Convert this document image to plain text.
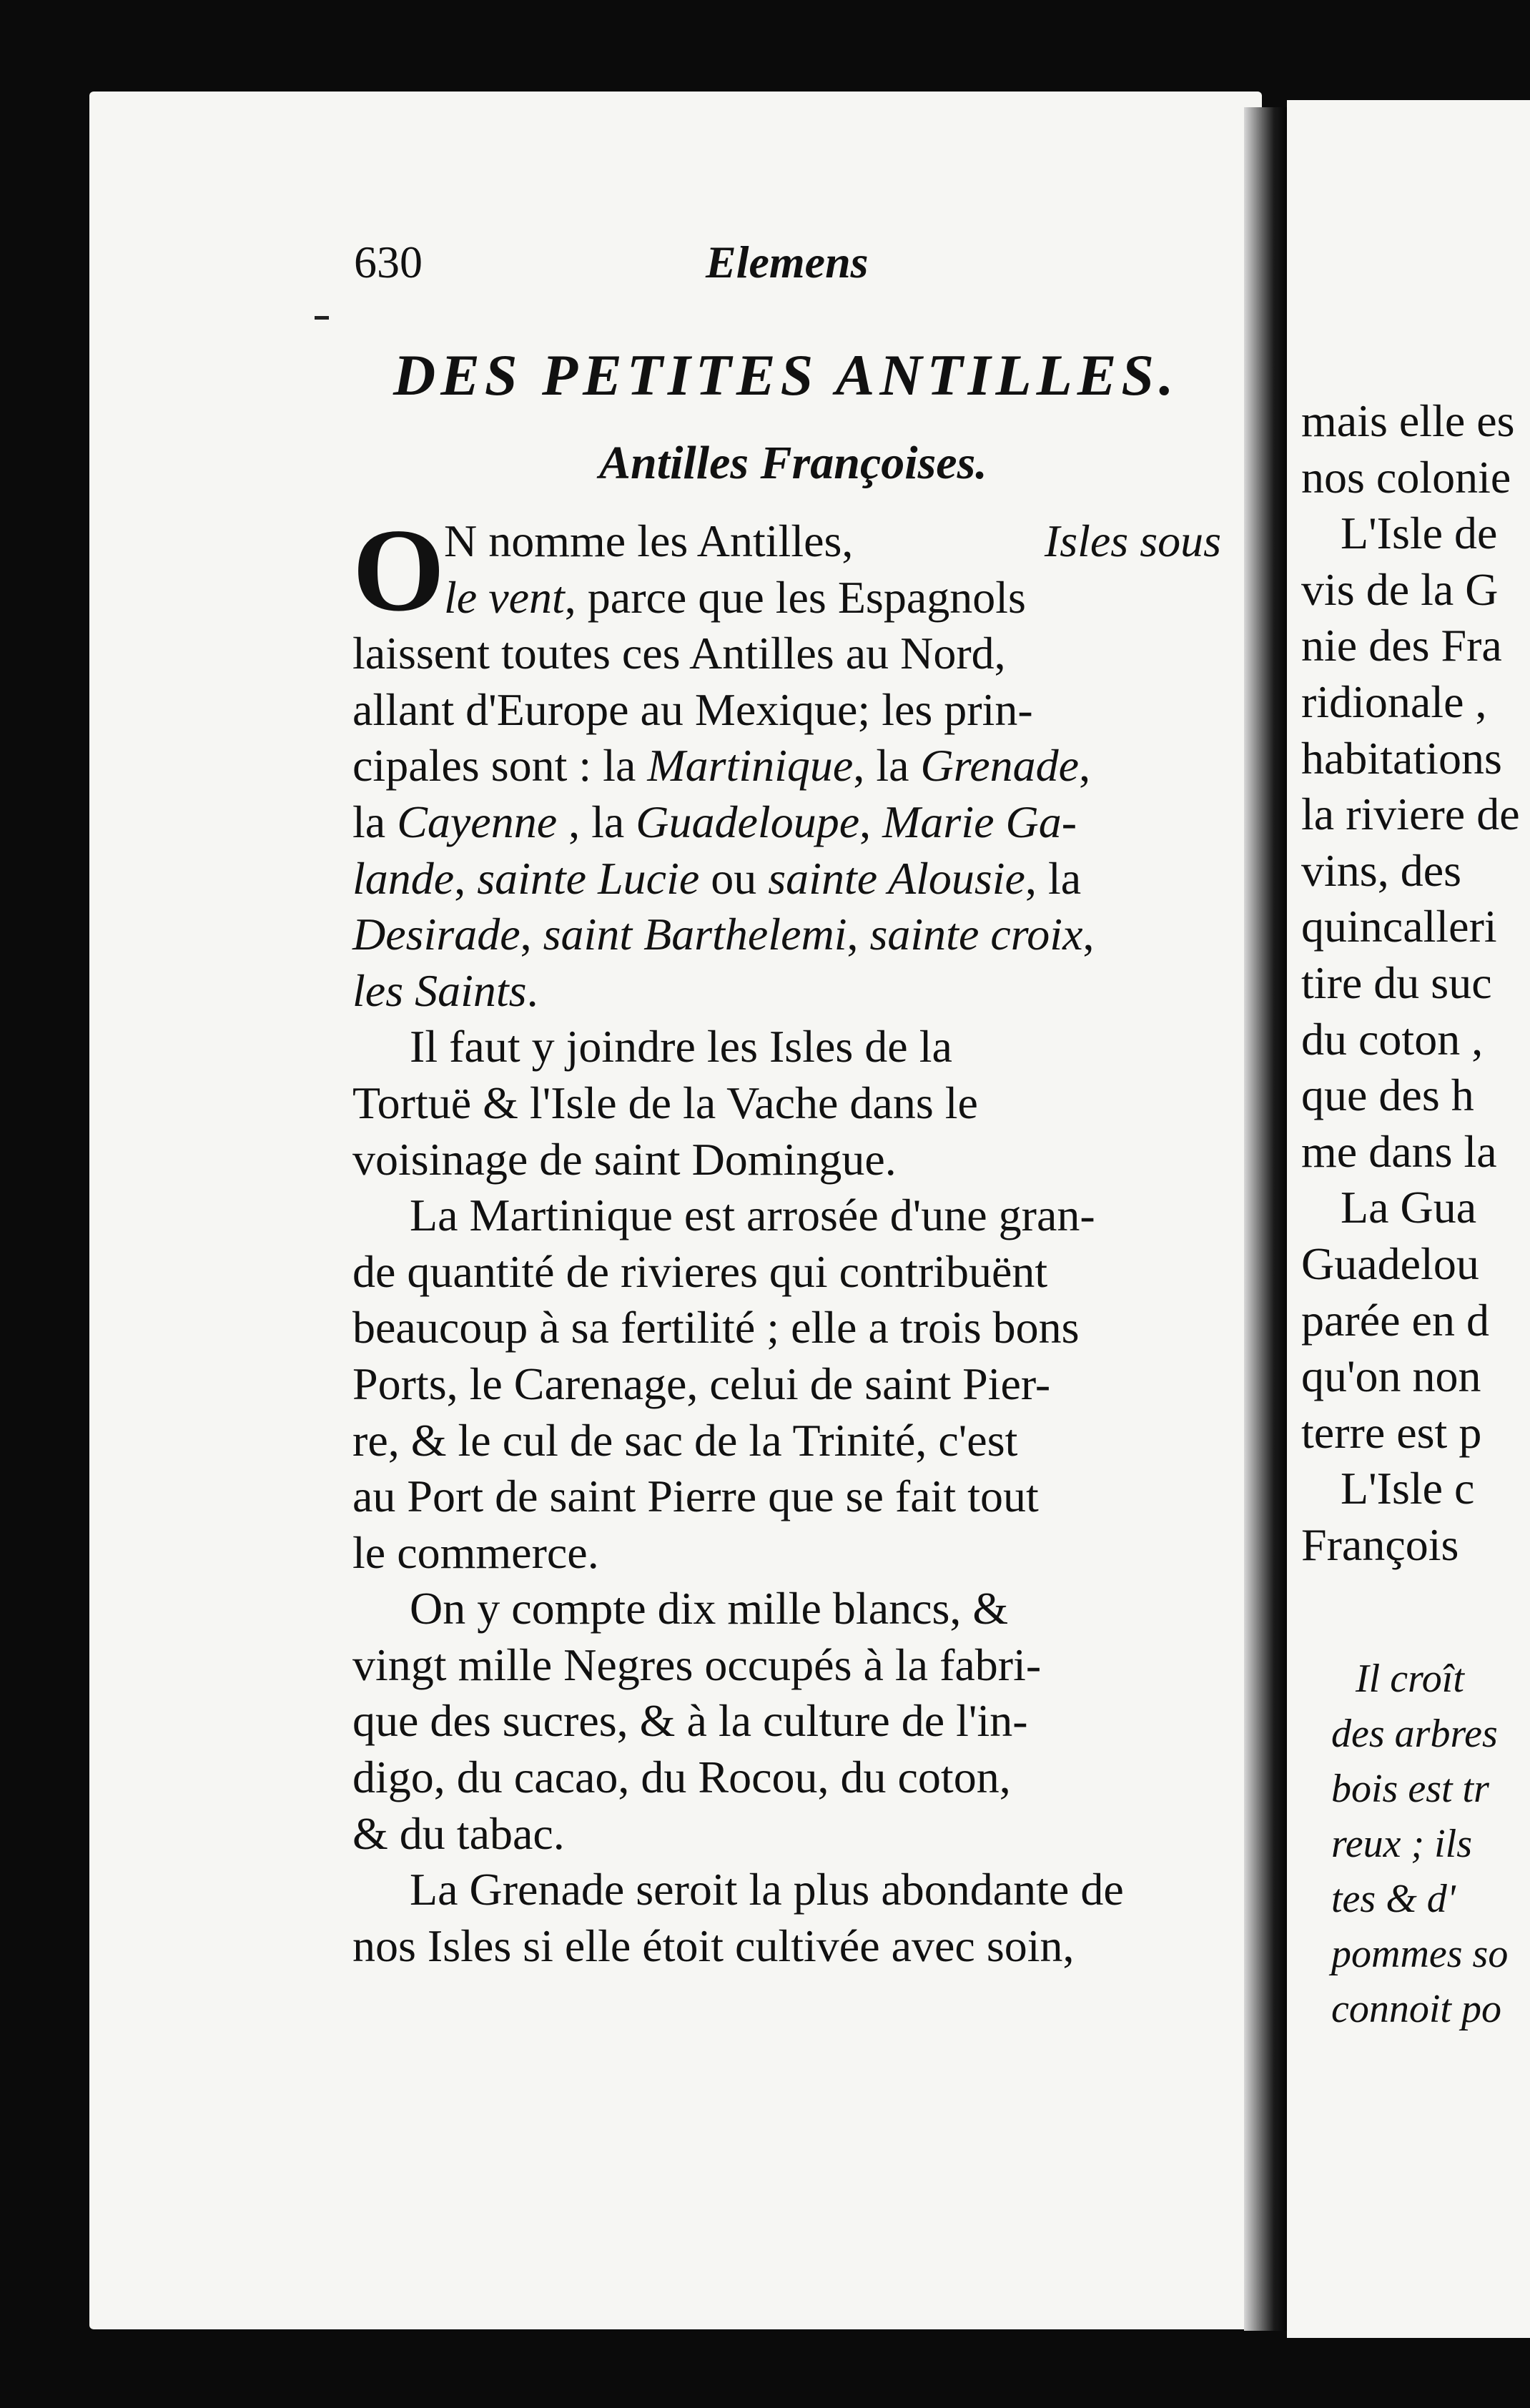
mais elle es
nos colonie
L'Isle de
vis de la G
nie des Fra
ridionale ,
habitations
la riviere de
vins, des
quincalleri
tire du suc
du coton ,
que des h
me dans la
La Gua
Guadelou
parée en d
qu'on non
terre est p
L'Isle c
François
Il croît
des arbres
bois est tr
reux ; ils
tes & d'
pommes so
connoit po
630	Elemens
DES PETITES ANTILLES.
Antilles Françoises.
O
N nomme les Antilles,	Isles sous
le vent, parce que les Espagnols
laissent toutes ces Antilles au Nord,
allant d'Europe au Mexique; les prin-
cipales sont : la Martinique, la Grenade,
la Cayenne , la Guadeloupe, Marie Ga-
lande, sainte Lucie ou sainte Alousie, la
Desirade, saint Barthelemi, sainte croix,
les Saints.
Il faut y joindre les Isles de la
Tortuë & l'Isle de la Vache dans le
voisinage de saint Domingue.
La Martinique est arrosée d'une gran-
de quantité de rivieres qui contribuënt
beaucoup à sa fertilité ; elle a trois bons
Ports, le Carenage, celui de saint Pier-
re, & le cul de sac de la Trinité, c'est
au Port de saint Pierre que se fait tout
le commerce.
On y compte dix mille blancs, &
vingt mille Negres occupés à la fabri-
que des sucres, & à la culture de l'in-
digo, du cacao, du Rocou, du coton,
& du tabac.
La Grenade seroit la plus abondante de
nos Isles si elle étoit cultivée avec soin,
